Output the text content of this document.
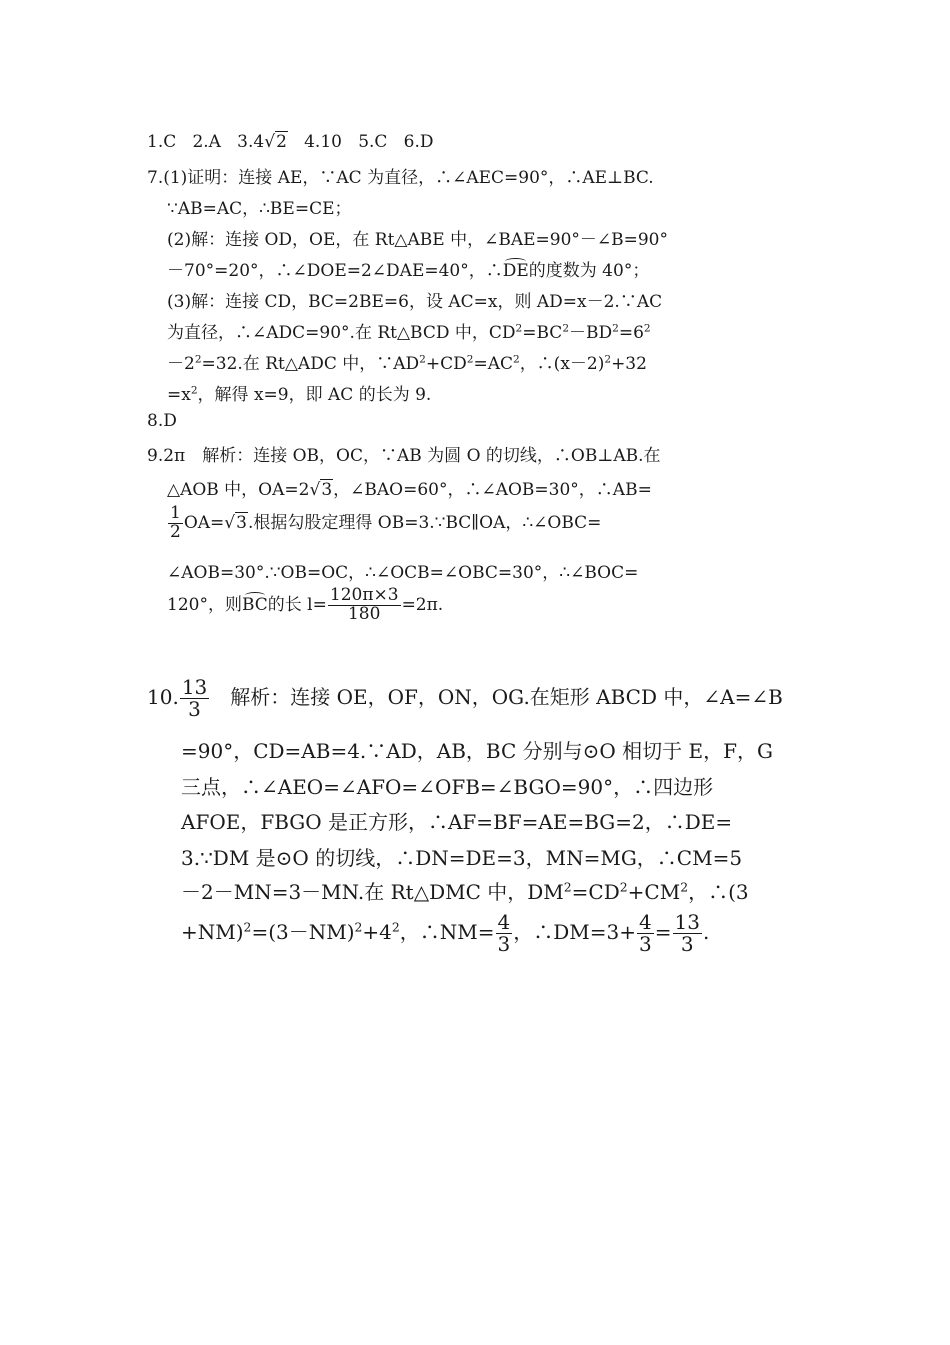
1.C 2.A 3.4√2 4.10 5.C 6.D
7.(1)证明：连接 AE，∵AC 为直径，∴∠AEC=90°，∴AE⊥BC.
∵AB=AC，∴BE=CE；
(2)解：连接 OD，OE，在 Rt△ABE 中，∠BAE=90°－∠B=90°
－70°=20°，∴∠DOE=2∠DAE=40°，∴DE的度数为 40°；
(3)解：连接 CD，BC=2BE=6，设 AC=x，则 AD=x－2.∵AC
为直径，∴∠ADC=90°.在 Rt△BCD 中，$CD^2=BC^2-BD^2=6^2$
$-2^2=32$.在 Rt△ADC 中，$\because AD^2+CD^2=AC^2$，$\therefore(x-2)^2+32$
$=x^2$，解得 x=9，即 AC 的长为 9.
8.D
9.2π　解析：连接 OB，OC，∵AB 为圆 O 的切线，∴OB⊥AB.在
△AOB 中，OA=2√3，∠BAO=60°，∴∠AOB=30°，∴AB=
$\frac{1}{2} OA=√3$.根据勾股定理得 OB=3.∵BC∥OA，∴∠OBC=
∠AOB=30°.∵OB=OC，∴∠OCB=∠OBC=30°，∴∠BOC=
120°，则BC的长 $l= \frac{120\pi\times 3}{180} =2\pi$.
10. $\frac{13}{3}$ 　解析：连接 OE，OF，ON，OG.在矩形 ABCD 中，∠A=∠B
=90°，CD=AB=4.∵AD，AB，BC 分别与⊙O 相切于 E，F，G
三点，∴∠AEO=∠AFO=∠OFB=∠BGO=90°，∴四边形
AFOE，FBGO 是正方形，∴AF=BF=AE=BG=2，∴DE=
3.∵DM 是⊙O 的切线，∴DN=DE=3，MN=MG，∴CM=5
－2－MN=3－MN.在 Rt△DMC 中，$DM^2=CD^2+CM^2$，∴(3
$+NM)^2=(3-NM)^2+4^2$，∴NM= $\frac{4}{3}$ ，∴DM=3+ $\frac{4}{3} = \frac{13}{3}$ .
